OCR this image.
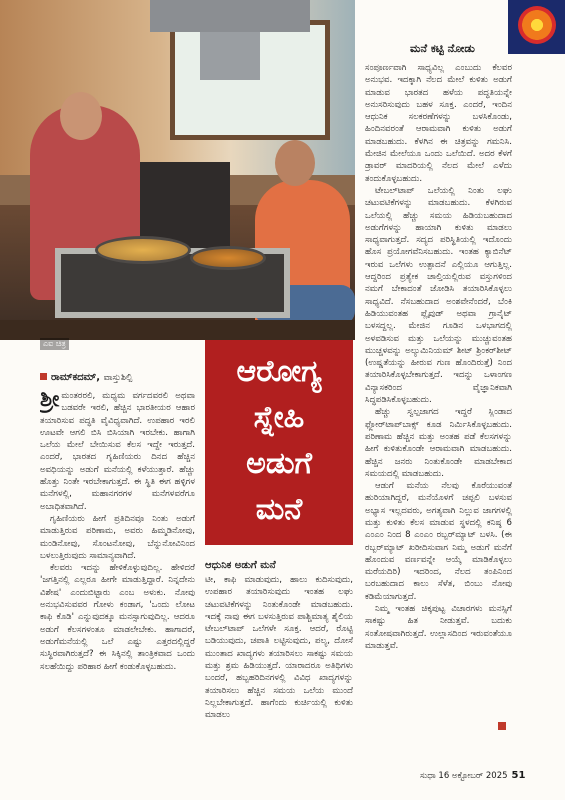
ಎಐ ಚಿತ್ರ
ಮನೆ ಕಟ್ಟಿ ನೋಡು
ಆರೋಗ್ಯ
ಸ್ನೇಹಿ
ಅಡುಗೆ
ಮನೆ
ರಾಮ್‌ಕದಮ್, ವಾಸ್ತುಶಿಲ್ಪಿ
ಶ್ರೀ ಮಂತರರಲಿ, ಮಧ್ಯಮ ವರ್ಗದವರಲಿ ಅಥವಾ ಬಡವರೇ ಇರಲಿ, ಹೆಚ್ಚಿನ ಭಾರತೀಯರ ಆಹಾರ ತಯಾರಿಸುವ ಪದ್ಧತಿ ವೈವಿಧ್ಯವಾಗಿದೆ. ಉಪಹಾರ ಇರಲಿ ಊಟವೇ ಆಗಲಿ ಬಿಸಿ ಬಿಸಿಯಾಗಿ ಇರಬೇಕು. ಹಾಗಾಗಿ ಒಲೆಯ ಮೇಲೆ ಬೇಯಿಸುವ ಕೆಲಸ ಇದ್ದೇ ಇರುತ್ತದೆ. ಎಂದರೆ, ಭಾರತದ ಗೃಹಿಣಿಯರು ದಿನದ ಹೆಚ್ಚಿನ ಅವಧಿಯನ್ನು ಅಡುಗೆ ಮನೆಯಲ್ಲಿ ಕಳೆಯುತ್ತಾರೆ. ಹೆಚ್ಚು ಹೊತ್ತು ನಿಂತೇ ಇರಬೇಕಾಗುತ್ತದೆ. ಈ ಸ್ಥಿತಿ ಈಗ ಹಳ್ಳಿಗಳ ಮನೆಗಳಲ್ಲಿ, ಮಹಾನಗರಗಳ ಮನೆಗಳವರೆಗೂ ಅಬಾಧಿತವಾಗಿದೆ.

ಗೃಹಿಣಿಯರು ಹೀಗೆ ಪ್ರತಿದಿನವೂ ನಿಂತು ಅಡುಗೆ ಮಾಡುತ್ತಿರುವ ಪರಿಣಾಮ, ಅವರು ಹಿಮ್ಮಡಿನೋವು, ಮಂಡಿನೋವು, ಸೊಂಟನೋವು, ಬೆನ್ನುನೋವಿನಿಂದ ಬಳಲುತ್ತಿರುವುದು ಸಾಮಾನ್ಯವಾಗಿದೆ.

ಕೆಲವರು ಇದನ್ನು ಹೇಳಿಕೊಳ್ಳುವುದಿಲ್ಲ. ಹೇಳಿದರೆ 'ಜಗತ್ತಿನಲ್ಲಿ ಎಲ್ಲರೂ ಹೀಗೇ ಮಾಡುತ್ತಿದ್ದಾರೆ. ನಿನ್ನದೇನು ವಿಶೇಷ' ಎಂದುಬಿಟ್ಟಾರು ಎಂಬ ಅಳುಕು. ನೋವು ಅನುಭವಿಸುವವರ ಗೋಳು ಕಂಡಾಗ, 'ಒಂದು ಲೋಟ ಕಾಫಿ ಕೊಡಿ' ಎನ್ನುವುದಕ್ಕೂ ಮನಸ್ಸಾಗುವುದಿಲ್ಲ. ಆದರೂ ಅಡುಗೆ ಕೆಲಸಗಳಂತೂ ಮಾಡಲೇಬೇಕು. ಹಾಗಾದರೆ, ಅಡುಗೆಮನೆಯಲ್ಲಿ ಒಲೆ ಎಷ್ಟು ಎತ್ತರದಲ್ಲಿದ್ದರೆ ಸುಸ್ಥಿರವಾಗಿರುತ್ತದೆ? ಈ ಸಿಕ್ಕಿನಲ್ಲಿ ತಾಂತ್ರಿಕವಾದ ಒಂದು ಸಲಹೆಯಿದ್ದು ಪರಿಹಾರ ಹೀಗೆ ಕಂಡುಕೊಳ್ಳಬಹುದು.

ಆಧುನಿಕ ಅಡುಗೆ ಮನೆ

ಟೀ, ಕಾಫಿ ಮಾಡುವುದು, ಹಾಲು ಕುದಿಸುವುದು, ಉಪಹಾರ ತಯಾರಿಸುವುದು ಇಂತಹ ಲಘು ಚಟುವಟಿಕೆಗಳನ್ನು ನಿಂತುಕೊಂಡೇ ಮಾಡಬಹುದು. ಇದಕ್ಕೆ ನಾವು ಈಗ ಬಳಸುತ್ತಿರುವ ಪಾಶ್ಚಿಮಾತ್ಯ ಶೈಲಿಯ ಟೇಬಲ್‌ಟಾಪ್ ಒಲೆಗಳೇ ಸೂಕ್ತ. ಆದರೆ, ರೊಟ್ಟಿ ಬಡಿಯುವುದು, ಚಪಾತಿ ಲಟ್ಟಿಸುವುದು, ಪಲ್ಯ, ದೋಸೆ ಮುಂತಾದ ಖಾದ್ಯಗಳು ತಯಾರಿಸಲು ಸಾಕಷ್ಟು ಸಮಯ ಮತ್ತು ಶ್ರಮ ಹಿಡಿಯುತ್ತದೆ. ಯಾರಾದರೂ ಅತಿಥಿಗಳು ಬಂದರೆ, ಹಬ್ಬಹರಿದಿನಗಳಲ್ಲಿ ವಿವಿಧ ಖಾದ್ಯಗಳನ್ನು ತಯಾರಿಸಲು ಹೆಚ್ಚಿನ ಸಮಯ ಒಲೆಯ ಮುಂದೆ ನಿಲ್ಲಬೇಕಾಗುತ್ತದೆ. ಹಾಗೆಂದು ಕುರ್ಚಿಯಲ್ಲಿ ಕುಳಿತು ಮಾಡಲು

ಸಂಪೂರ್ಣವಾಗಿ ಸಾಧ್ಯವಿಲ್ಲ ಎಂಬುದು ಕೆಲವರ ಅನುಭವ. ಇದಕ್ಕಾಗಿ ನೆಲದ ಮೇಲೆ ಕುಳಿತು ಅಡುಗೆ ಮಾಡುವ ಭಾರತದ ಹಳೆಯ ಪದ್ಧತಿಯನ್ನೇ ಅನುಸರಿಸುವುದು ಬಹಳ ಸೂಕ್ತ. ಎಂದರೆ, ಇಂದಿನ ಆಧುನಿಕ ಸಲಕರಣೆಗಳನ್ನು ಬಳಸಿಕೊಂಡು, ಹಿಂದಿನವರಂತೆ ಆರಾಮವಾಗಿ ಕುಳಿತು ಅಡುಗೆ ಮಾಡಬಹುದು. ಕೆಳಗಿನ ಈ ಚಿತ್ರವನ್ನು ಗಮನಿಸಿ. ಮೇಜಿನ ಮೇಲೆಯೂ ಒಂದು ಒಲೆಯಿದೆ. ಅದರ ಕೆಳಗೆ ಡ್ರಾವರ್ ಮಾದರಿಯಲ್ಲಿ ನೆಲದ ಮೇಲೆ ಎಳೆದು ತಂದುಕೊಳ್ಳಬಹುದು.

ಟೇಬಲ್‌ಟಾಪ್ ಒಲೆಯಲ್ಲಿ ನಿಂತು ಲಘು ಚಟುವಟಿಕೆಗಳನ್ನು ಮಾಡಬಹುದು. ಕೆಳಗಿರುವ ಒಲೆಯಲ್ಲಿ ಹೆಚ್ಚು ಸಮಯ ಹಿಡಿಯಬಹುದಾದ ಅಡುಗೆಗಳನ್ನು ಹಾಯಾಗಿ ಕುಳಿತು ಮಾಡಲು ಸಾಧ್ಯವಾಗುತ್ತದೆ. ಸದ್ಯದ ಪರಿಸ್ಥಿತಿಯಲ್ಲಿ ಇದೊಂದು ಹೊಸ ಪ್ರಯೋಗವೆನಿಸಬಹುದು. ಇಂತಹ ಕ್ಯಾಬಿನೆಟ್ ಇರುವ ಒಲೆಗಳು ಉತ್ಪಾದನೆ ಎಲ್ಲಿಯೂ ಆಗುತ್ತಿಲ್ಲ. ಆದ್ದರಿಂದ ಪ್ರತ್ಯೇಕ ಚಾಲ್ತಿಯಲ್ಲಿರುವ ವಸ್ತುಗಳಿಂದ ನಮಗೆ ಬೇಕಾದಂತೆ ಜೋಡಿಸಿ ತಯಾರಿಸಿಕೊಳ್ಳಲು ಸಾಧ್ಯವಿದೆ. ನೆಸಬಹುದಾದ ಅಂಶವೇನೆಂದರೆ, ಬೆಂಕಿ ಹಿಡಿಯುವಂತಹ ಪ್ಲೈವುಡ್ ಅಥವಾ ಗ್ರಾನೈಟ್ ಬಳಸದ್ದಲ್ಲ. ಮೇಜಿನ ಗೂಡಿನ ಒಳಭಾಗದಲ್ಲಿ ಅಳವಡಿಸುವ ಮತ್ತು ಒಲೆಯನ್ನು ಮುಚ್ಚುವಂತಹ ಮುಚ್ಚಳವನ್ನು ಅಲ್ಯುಮಿನಿಯಮ್ ಶೀಟ್ ಶ್ರಿಂಕರ್‌ಶೀಟ್ (ಉಷ್ಣತೆಯನ್ನು ಹೀರುವ ಗುಣ ಹೊಂದಿರುತ್ತೆ) ನಿಂದ ತಯಾರಿಸಿಕೊಳ್ಳಬೇಕಾಗುತ್ತದೆ. ಇದನ್ನು ಒಳಾಂಗಣ ವಿನ್ಯಾಸಕರಿಂದ ವೈಜ್ಞಾನಿಕವಾಗಿ ಸಿದ್ಧಪಡಿಸಿಕೊಳ್ಳಬಹುದು.

ಹೆಚ್ಚು ಸ್ವಲ್ಪಜಾಗದ ಇದ್ದರೆ ಸ್ಲಿಂಡಾದ ಫ್ಲೋರ್‌ಟಾಪ್‌ಬಾಕ್ಸ್ ಕೂಡ ನಿರ್ಮಿಸಿಕೊಳ್ಳಬಹುದು. ಪರಿಣಾಮ ಹೆಚ್ಚಿನ ಮತ್ತು ಅಂತಹ ಪಡೆ ಕೆಲಸಗಳನ್ನು ಹೀಗೆ ಕುಳಿತುಕೊಂಡೇ ಆರಾಮವಾಗಿ ಮಾಡಬಹುದು. ಹೆಚ್ಚಿನ ಜನರು ನಿಂತುಕೊಂಡೇ ಮಾಡಬೇಕಾದ ಸಮಯದಲ್ಲಿ ಮಾಡಬಹುದು.

ಆಡುಗೆ ಮನೆಯ ನೆಲವು ಕೊರೆಯುವಂತೆ ಹುರಿಯಾಗಿದ್ದರೆ, ಮನೆಯೊಳಗೆ ಚಪ್ಪಲಿ ಬಳಸುವ ಅಭ್ಯಾಸ ಇಲ್ಲದವರು, ಅಗತ್ಯವಾಗಿ ನಿಲ್ಲುವ ಜಾಗಗಳಲ್ಲಿ ಮತ್ತು ಕುಳಿತು ಕೆಲಸ ಮಾಡುವ ಸ್ಥಳದಲ್ಲಿ ಕನಿಷ್ಠ 6 ಎಂಎಂ ನಿಂದ 8 ಎಂಎಂ ರಬ್ಬರ್‌ಮ್ಯಾಟ್ ಬಳಸಿ. (ಈ ರಬ್ಬರ್‌ಮ್ಯಾಟ್ ಖರೀದಿಸುವಾಗ ನಿಮ್ಮ ಅಡುಗೆ ಮನೆಗೆ ಹೊಂದುವ ವರ್ಣವನ್ನೇ ಆಯ್ಕೆ ಮಾಡಿಕೊಳ್ಳಲು ಮರೆಯದಿರಿ) ಇದರಿಂದ, ನೆಲದ ತಂಪಿನಿಂದ ಬರಬಹುದಾದ ಕಾಲು ಸೆಳೆತ, ಬಿಂಬು ನೋವು ಕಡಿಮೆಯಾಗುತ್ತದೆ.

ನಿಮ್ಮ ಇಂತಹ ಚಿಕ್ಕಪುಟ್ಟ ವಿಚಾರಗಳು ಮನಸ್ಸಿಗೆ ಸಾಕಷ್ಟು ಹಿತ ನೀಡುತ್ತವೆ. ಬದುಕು ಸಂತೋಷವಾಗಿರುತ್ತದೆ. ಉಲ್ಲಾಸದಿಂದ ಇರುವಂತೆಯೂ ಮಾಡುತ್ತವೆ.

ಸುಧಾ 16 ಅಕ್ಟೋಬರ್ 2025 51
